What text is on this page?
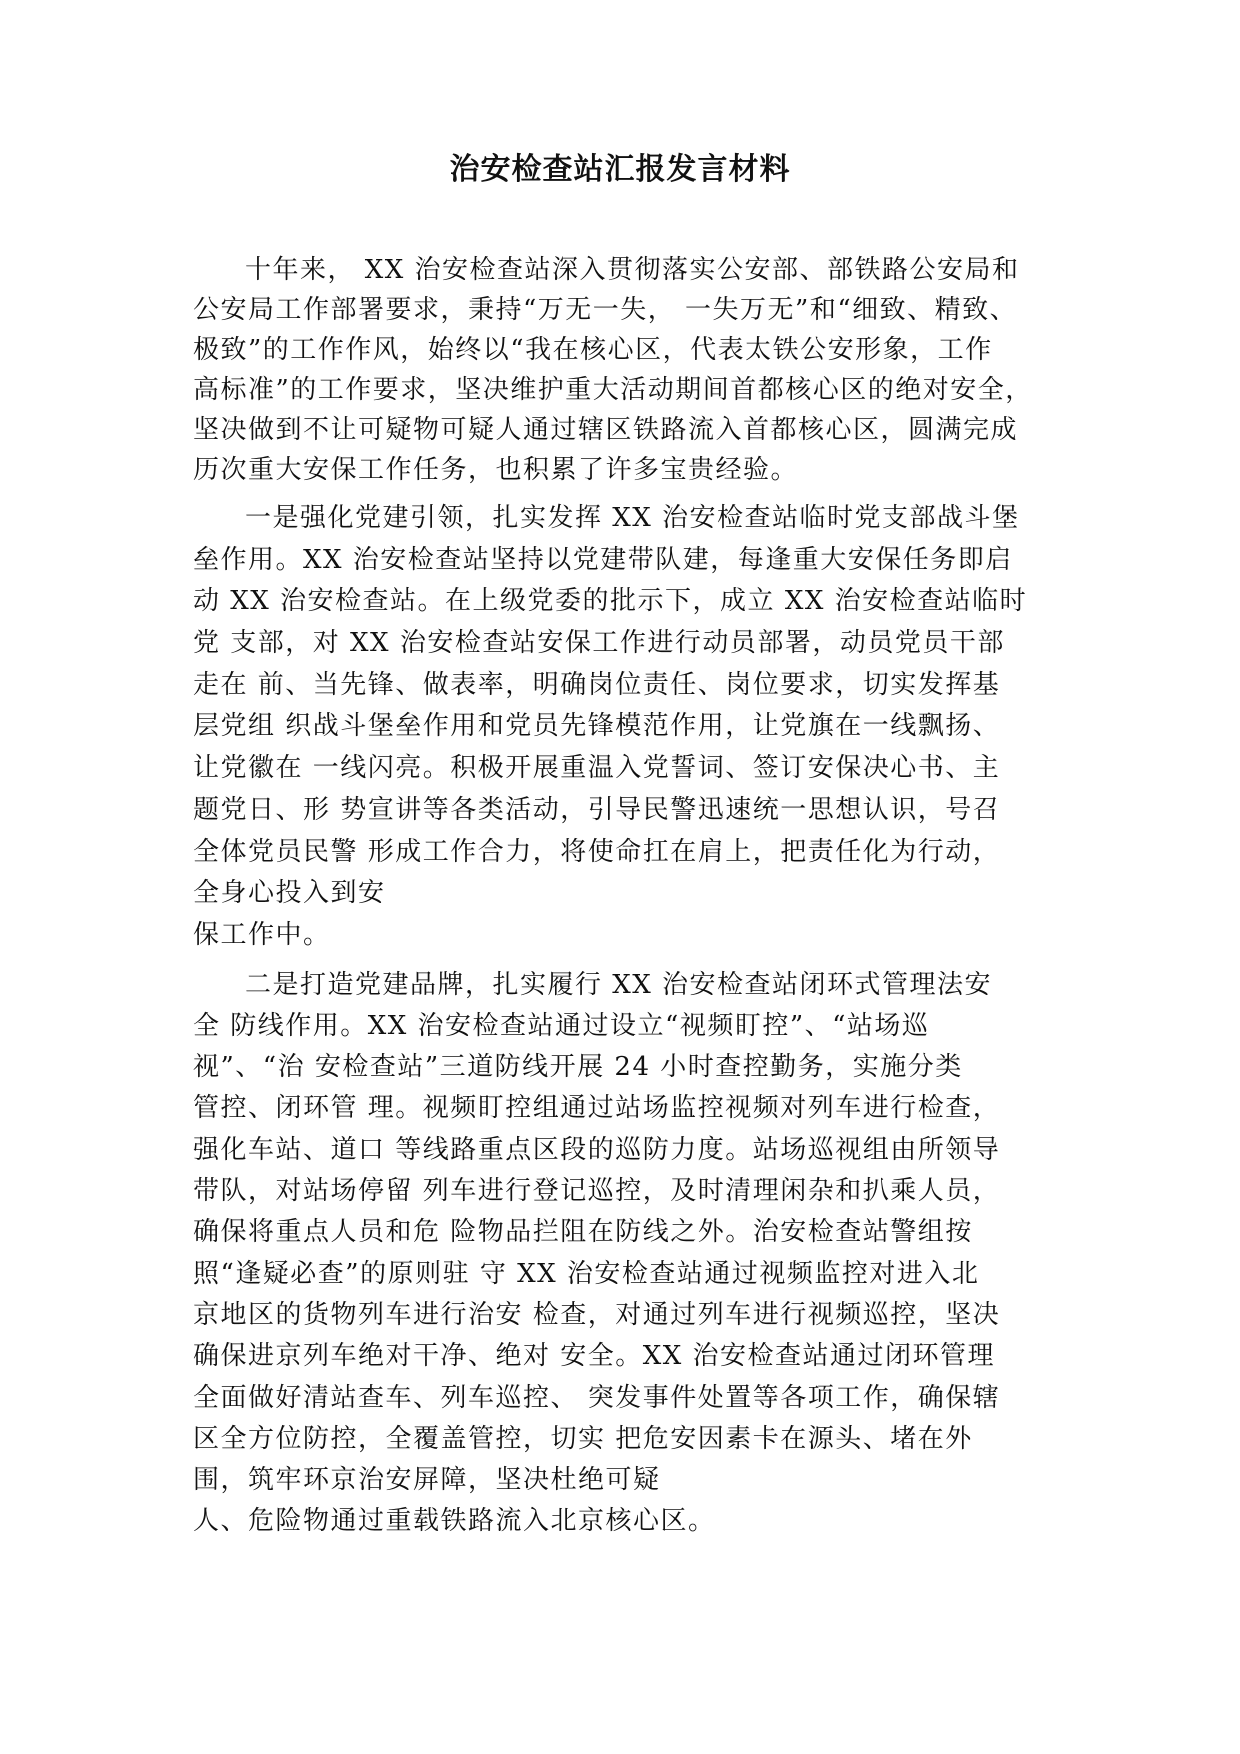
治安检查站汇报发言材料

十年来， XX 治安检查站深入贯彻落实公安部、部铁路公安局和
公安局工作部署要求，秉持“万无一失， 一失万无”和“细致、精致、
极致”的工作作风，始终以“我在核心区，代表太铁公安形象，工作
高标准”的工作要求，坚决维护重大活动期间首都核心区的绝对安全，
坚决做到不让可疑物可疑人通过辖区铁路流入首都核心区，圆满完成
历次重大安保工作任务，也积累了许多宝贵经验。

一是强化党建引领，扎实发挥 XX 治安检查站临时党支部战斗堡
垒作用。XX 治安检查站坚持以党建带队建，每逢重大安保任务即启
动 XX 治安检查站。在上级党委的批示下，成立 XX 治安检查站临时
党 支部，对 XX 治安检查站安保工作进行动员部署，动员党员干部
走在 前、当先锋、做表率，明确岗位责任、岗位要求，切实发挥基
层党组 织战斗堡垒作用和党员先锋模范作用，让党旗在一线飘扬、
让党徽在 一线闪亮。积极开展重温入党誓词、签订安保决心书、主
题党日、形 势宣讲等各类活动，引导民警迅速统一思想认识，号召
全体党员民警 形成工作合力，将使命扛在肩上，把责任化为行动，
全身心投入到安
保工作中。

二是打造党建品牌，扎实履行 XX 治安检查站闭环式管理法安
全 防线作用。XX 治安检查站通过设立“视频盯控”、“站场巡
视”、“治 安检查站”三道防线开展 24 小时查控勤务，实施分类
管控、闭环管 理。视频盯控组通过站场监控视频对列车进行检查，
强化车站、道口 等线路重点区段的巡防力度。站场巡视组由所领导
带队，对站场停留 列车进行登记巡控，及时清理闲杂和扒乘人员，
确保将重点人员和危 险物品拦阻在防线之外。治安检查站警组按
照“逢疑必查”的原则驻 守 XX 治安检查站通过视频监控对进入北
京地区的货物列车进行治安 检查，对通过列车进行视频巡控，坚决
确保进京列车绝对干净、绝对 安全。XX 治安检查站通过闭环管理
全面做好清站查车、列车巡控、 突发事件处置等各项工作，确保辖
区全方位防控，全覆盖管控，切实 把危安因素卡在源头、堵在外
围，筑牢环京治安屏障，坚决杜绝可疑
人、危险物通过重载铁路流入北京核心区。
